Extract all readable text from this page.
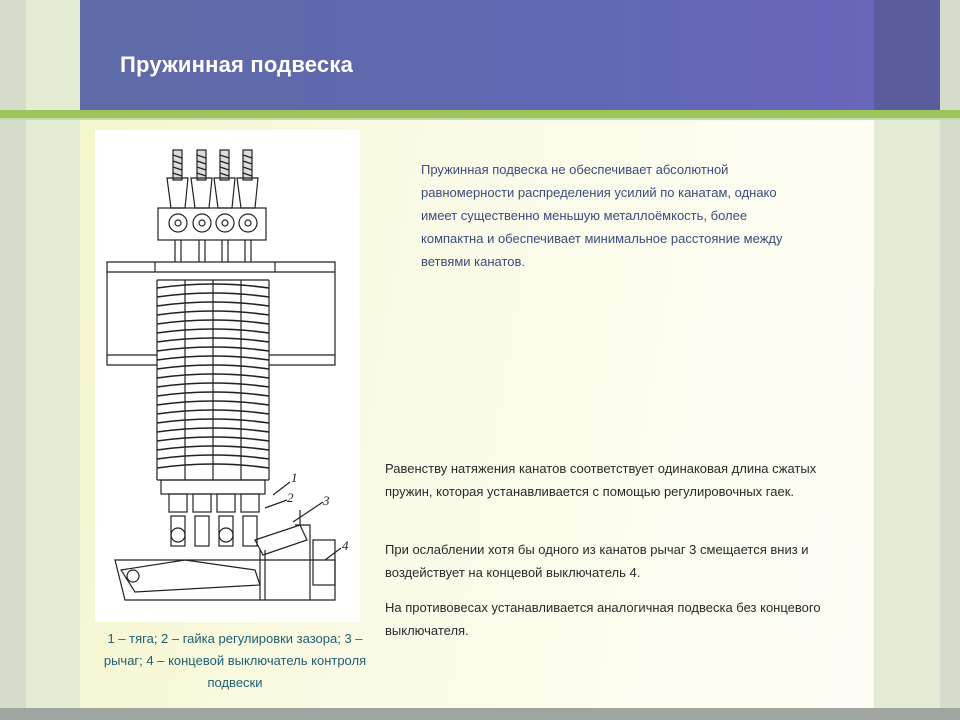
Пружинная подвеска
1
2 3
4
1 – тяга; 2 – гайка регулировки зазора; 3 – рычаг; 4 – концевой выключатель контроля подвески
Пружинная подвеска не обеспечивает абсолютной равномерности распределения усилий по канатам, однако имеет существенно меньшую металлоёмкость, более компактна и обеспечивает минимальное расстояние между ветвями канатов.
Равенству натяжения канатов соответствует одинаковая длина сжатых пружин, которая устанавливается с помощью регулировочных гаек.
При ослаблении хотя бы одного из канатов рычаг 3 смещается вниз и воздействует на концевой выключатель 4.
На противовесах устанавливается аналогичная подвеска без концевого выключателя.
